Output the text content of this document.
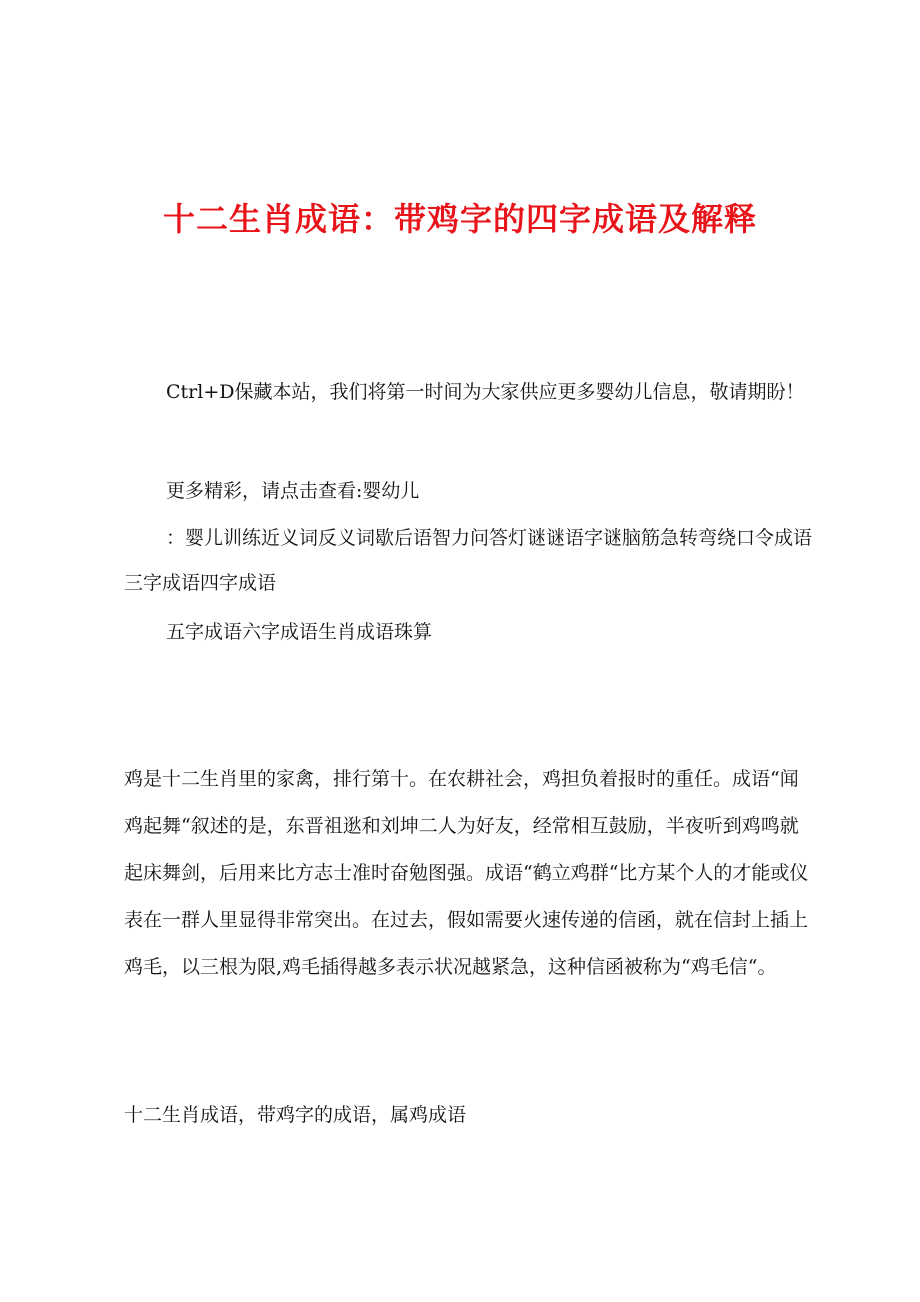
十二生肖成语：带鸡字的四字成语及解释

Ctrl+D保藏本站，我们将第一时间为大家供应更多婴幼儿信息，敬请期盼！

更多精彩，请点击查看:婴幼儿

：婴儿训练近义词反义词歇后语智力问答灯谜谜语字谜脑筋急转弯绕口令成语三字成语四字成语

五字成语六字成语生肖成语珠算

鸡是十二生肖里的家禽，排行第十。在农耕社会，鸡担负着报时的重任。成语“闻鸡起舞“叙述的是，东晋祖逖和刘坤二人为好友，经常相互鼓励，半夜听到鸡鸣就起床舞剑，后用来比方志士准时奋勉图强。成语“鹤立鸡群“比方某个人的才能或仪表在一群人里显得非常突出。在过去，假如需要火速传递的信函，就在信封上插上鸡毛，以三根为限,鸡毛插得越多表示状况越紧急，这种信函被称为“鸡毛信“。

十二生肖成语，带鸡字的成语，属鸡成语
